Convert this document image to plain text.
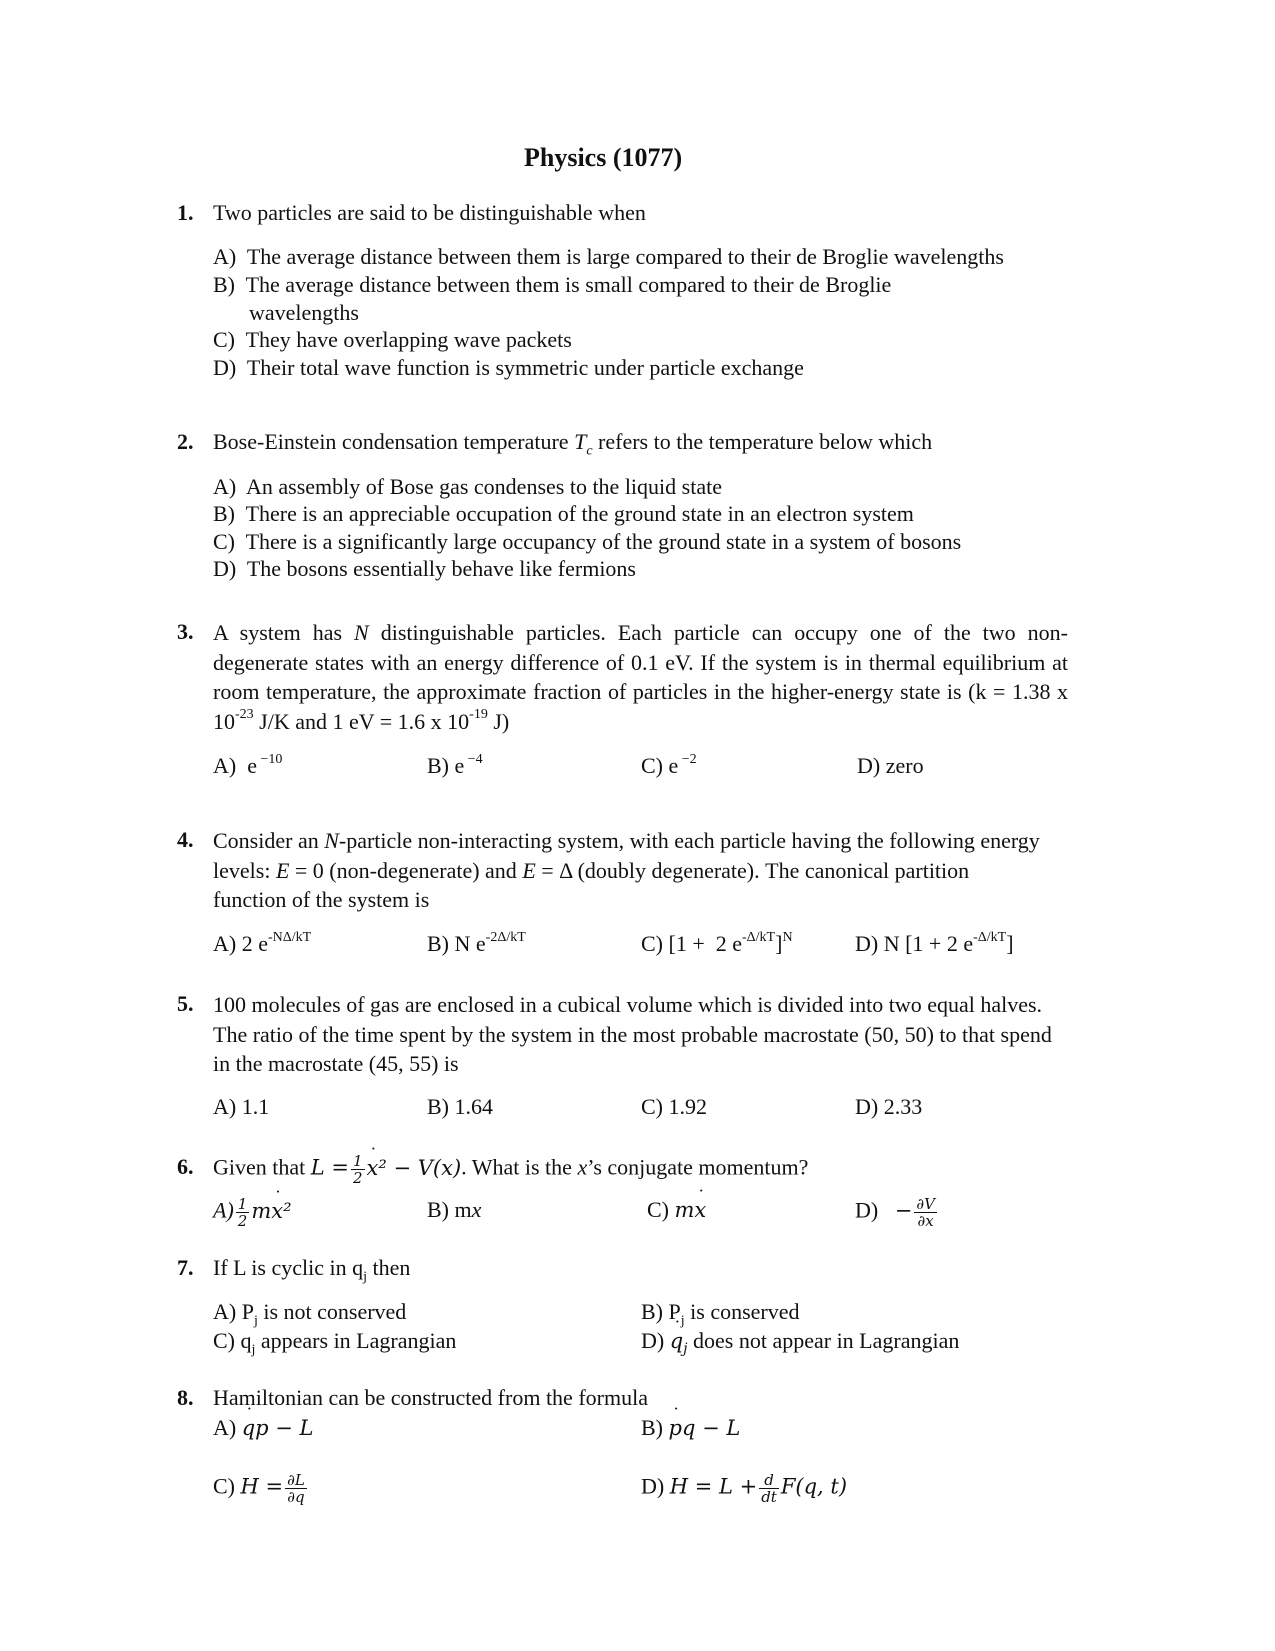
Physics (1077)
1. Two particles are said to be distinguishable when
A)  The average distance between them is large compared to their de Broglie wavelengths
B)  The average distance between them is small compared to their de Broglie
wavelengths
C)  They have overlapping wave packets
D)  Their total wave function is symmetric under particle exchange
2. Bose-Einstein condensation temperature $T_c$ refers to the temperature below which
A)  An assembly of Bose gas condenses to the liquid state
B)  There is an appreciable occupation of the ground state in an electron system
C)  There is a significantly large occupancy of the ground state in a system of bosons
D)  The bosons essentially behave like fermions
3. A system has N distinguishable particles. Each particle can occupy one of the two non-degenerate states with an energy difference of 0.1 eV. If the system is in thermal equilibrium at room temperature, the approximate fraction of particles in the higher-energy state is (k = 1.38 x $10^{-23}$ J/K and 1 eV = 1.6 x $10^{-19}$ J)
A)  e $^{-10}$	B) e $^{-4}$	C) e $^{-2}$	D) zero
4. Consider an N-particle non-interacting system, with each particle having the following energy levels: E = 0 (non-degenerate) and E = Δ (doubly degenerate). The canonical partition function of the system is
A) 2 $e^{-N\Delta/kT}$	B) N $e^{-2\Delta/kT}$	C) [1 +  2 $e^{-\Delta/kT}]^N$	D) N [1 + 2 $e^{-\Delta/kT}$]
5. 100 molecules of gas are enclosed in a cubical volume which is divided into two equal halves. The ratio of the time spent by the system in the most probable macrostate (50, 50) to that spend in the macrostate (45, 55) is
A) 1.1	B) 1.64	C) 1.92	D) 2.33
6. Given that $L = \frac{1}{2}$ x ˙² − V(x). What is the x’s conjugate momentum?
$A) \frac{1}{2}$ mx ˙²	B) mx	C) mx ˙	$D) - \frac{\partial V}{\partial x}$
7. If L is cyclic in $q_j$ then
A) $P_j$ is not conserved	B) $P_j$ is conserved
C) $q_j$ appears in Lagrangian	D) q $˙_j$ does not appear in Lagrangian
8. Hamiltonian can be constructed from the formula
A) q ˙p − L	B) p ˙q − L
C) $H = \frac{\partial L}{\partial q}$	D) $H = L + \frac{d}{dt} F(q$, t)
